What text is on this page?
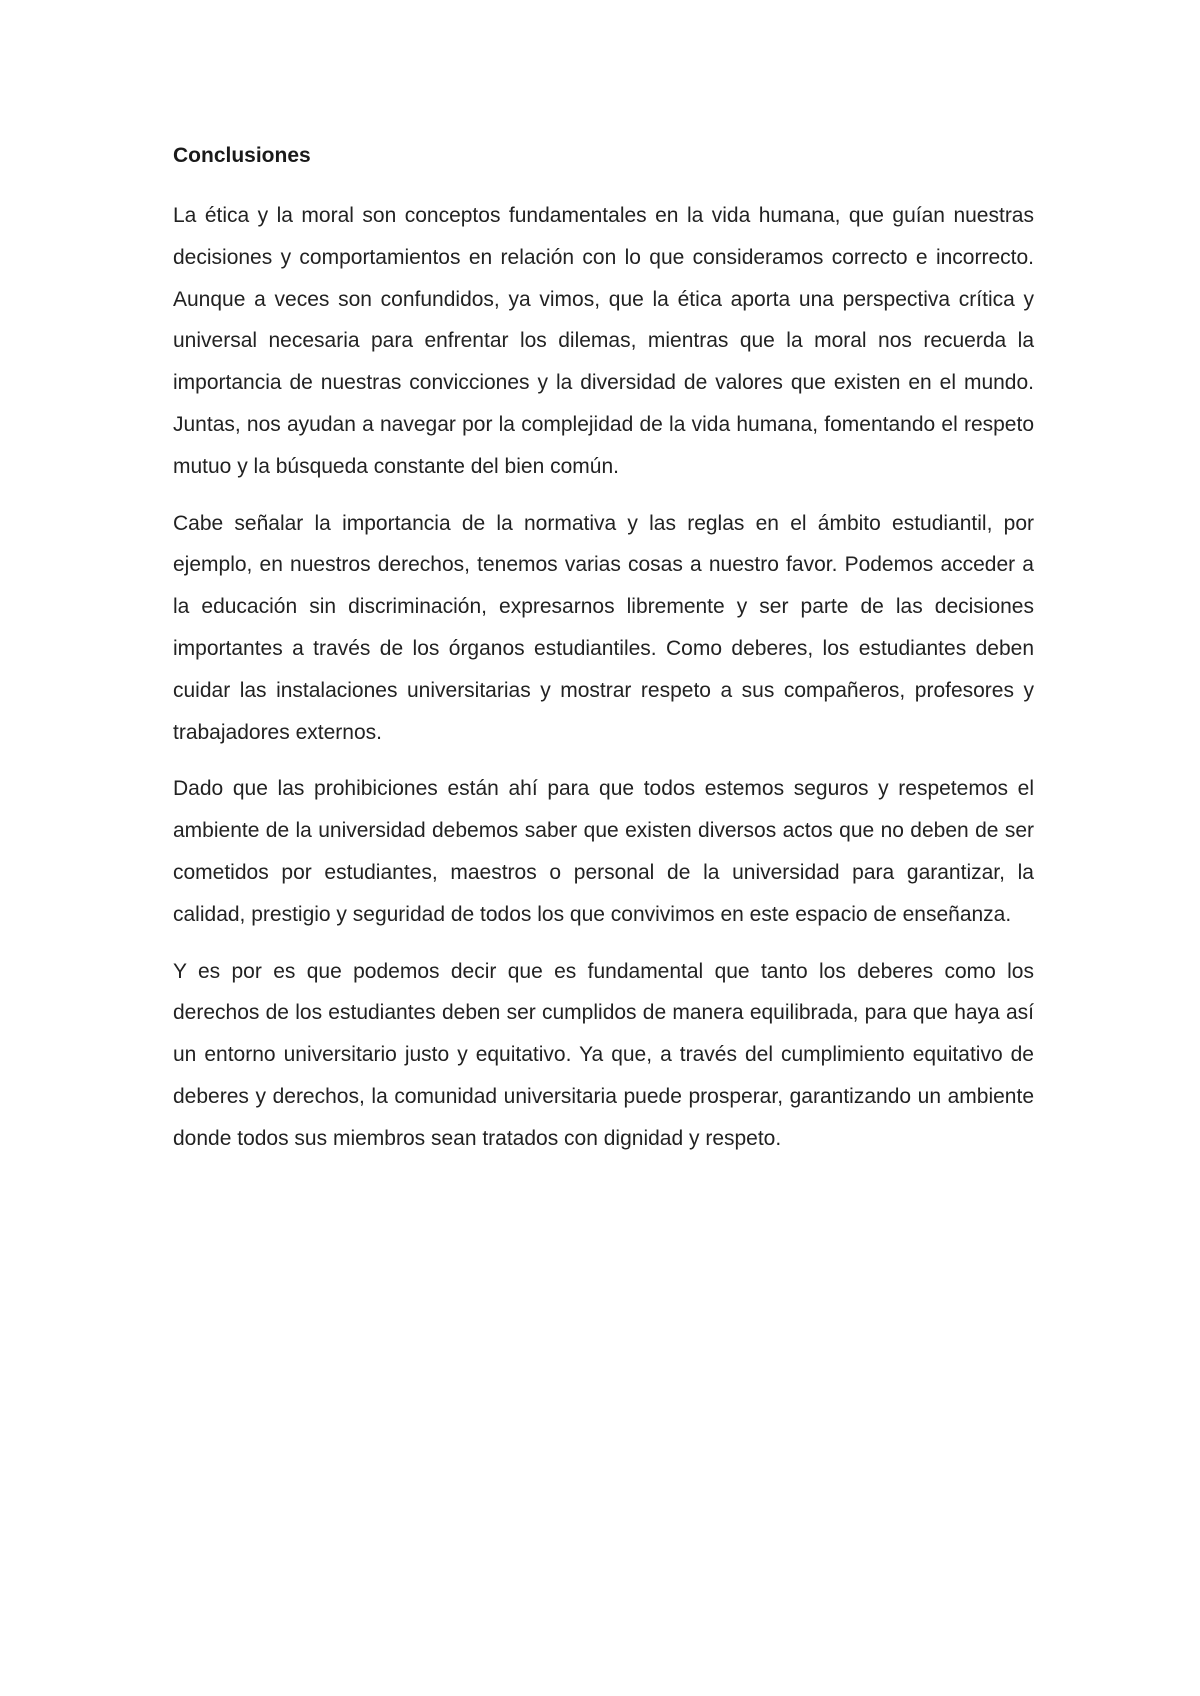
Conclusiones

La ética y la moral son conceptos fundamentales en la vida humana, que guían nuestras decisiones y comportamientos en relación con lo que consideramos correcto e incorrecto. Aunque a veces son confundidos, ya vimos, que la ética aporta una perspectiva crítica y universal necesaria para enfrentar los dilemas, mientras que la moral nos recuerda la importancia de nuestras convicciones y la diversidad de valores que existen en el mundo. Juntas, nos ayudan a navegar por la complejidad de la vida humana, fomentando el respeto mutuo y la búsqueda constante del bien común.

Cabe señalar la importancia de la normativa y las reglas en el ámbito estudiantil, por ejemplo, en nuestros derechos, tenemos varias cosas a nuestro favor. Podemos acceder a la educación sin discriminación, expresarnos libremente y ser parte de las decisiones importantes a través de los órganos estudiantiles. Como deberes, los estudiantes deben cuidar las instalaciones universitarias y mostrar respeto a sus compañeros, profesores y trabajadores externos.

Dado que las prohibiciones están ahí para que todos estemos seguros y respetemos el ambiente de la universidad debemos saber que existen diversos actos que no deben de ser cometidos por estudiantes, maestros o personal de la universidad para garantizar, la calidad, prestigio y seguridad de todos los que convivimos en este espacio de enseñanza.

Y es por es que podemos decir que es fundamental que tanto los deberes como los derechos de los estudiantes deben ser cumplidos de manera equilibrada, para que haya así un entorno universitario justo y equitativo. Ya que, a través del cumplimiento equitativo de deberes y derechos, la comunidad universitaria puede prosperar, garantizando un ambiente donde todos sus miembros sean tratados con dignidad y respeto.
